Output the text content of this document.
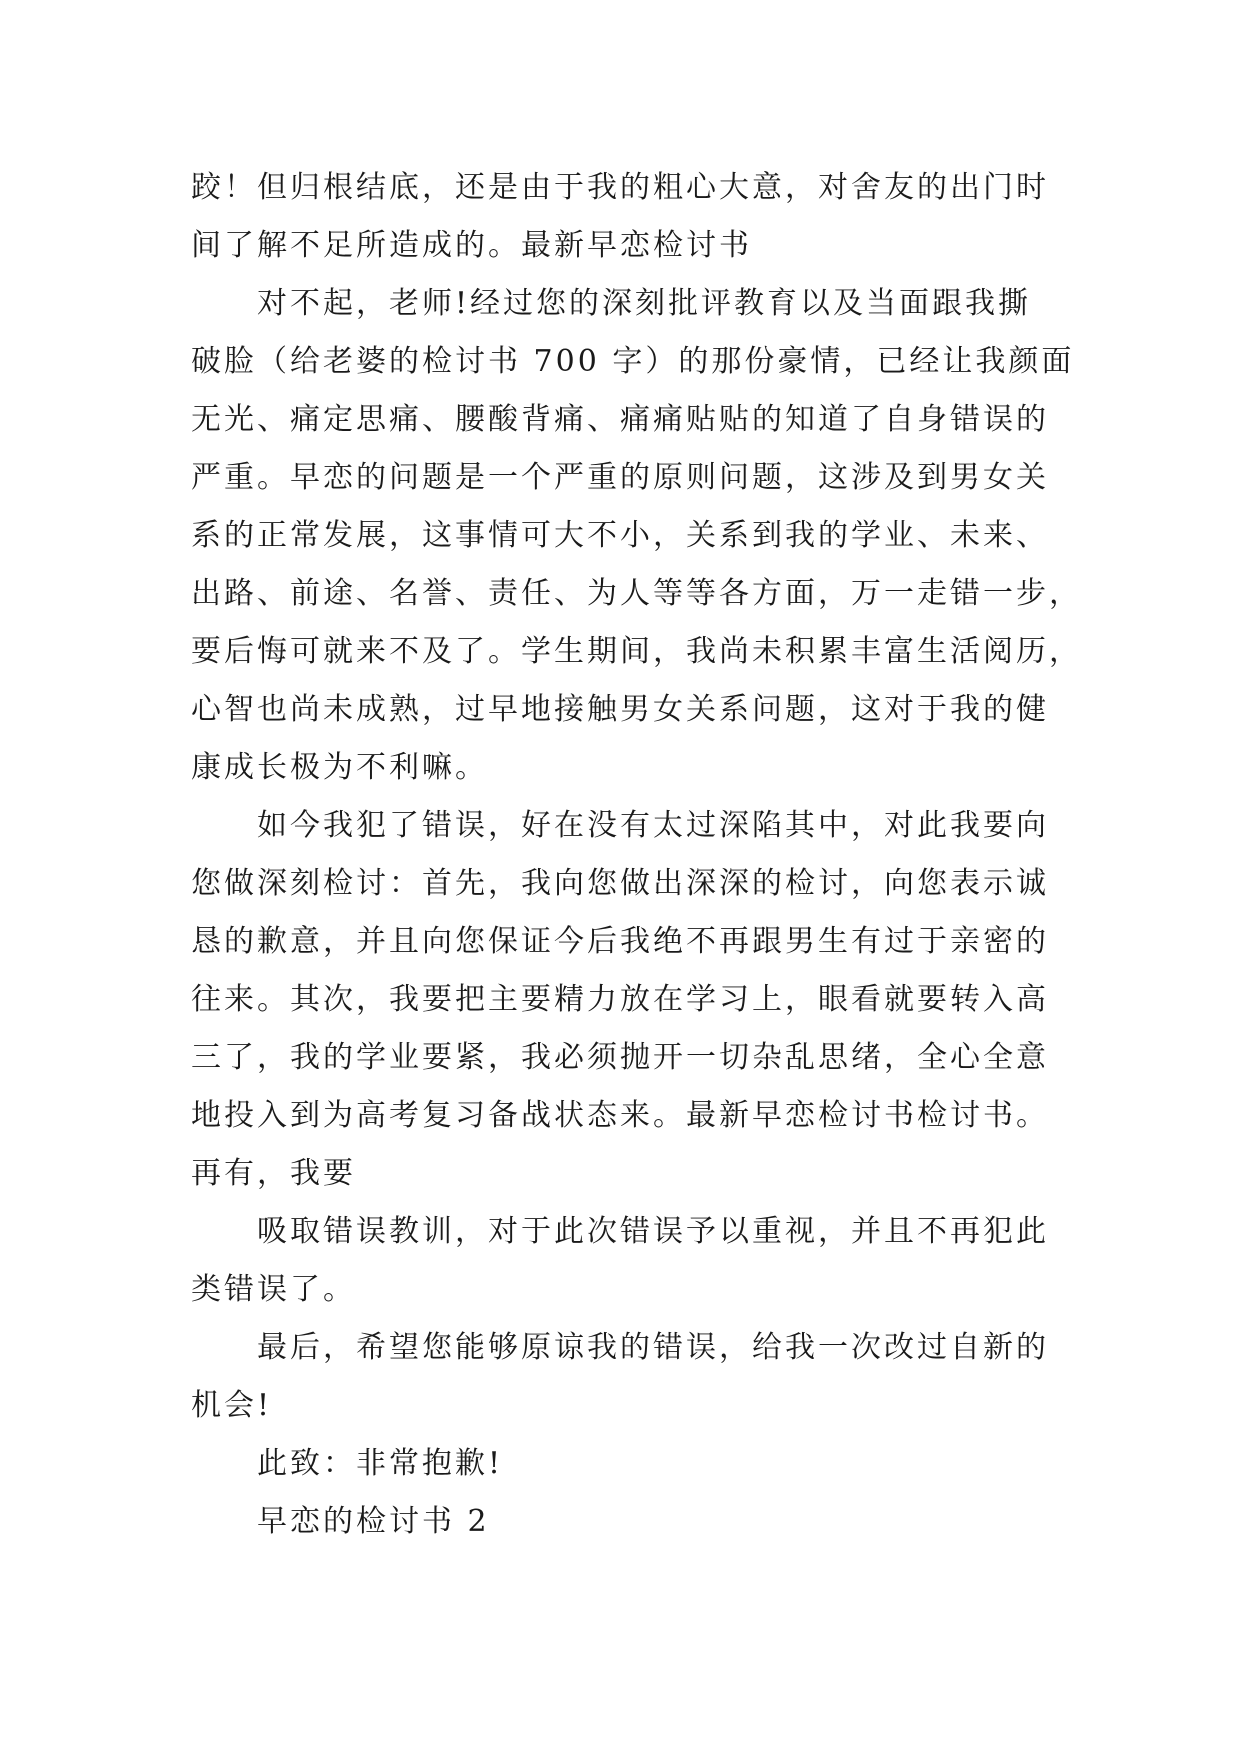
跤！但归根结底，还是由于我的粗心大意，对舍友的出门时
间了解不足所造成的。最新早恋检讨书
对不起，老师!经过您的深刻批评教育以及当面跟我撕
破脸（给老婆的检讨书 700 字）的那份豪情，已经让我颜面
无光、痛定思痛、腰酸背痛、痛痛贴贴的知道了自身错误的
严重。早恋的问题是一个严重的原则问题，这涉及到男女关
系的正常发展，这事情可大不小，关系到我的学业、未来、
出路、前途、名誉、责任、为人等等各方面，万一走错一步，
要后悔可就来不及了。学生期间，我尚未积累丰富生活阅历，
心智也尚未成熟，过早地接触男女关系问题，这对于我的健
康成长极为不利嘛。
如今我犯了错误，好在没有太过深陷其中，对此我要向
您做深刻检讨：首先，我向您做出深深的检讨，向您表示诚
恳的歉意，并且向您保证今后我绝不再跟男生有过于亲密的
往来。其次，我要把主要精力放在学习上，眼看就要转入高
三了，我的学业要紧，我必须抛开一切杂乱思绪，全心全意
地投入到为高考复习备战状态来。最新早恋检讨书检讨书。
再有，我要
吸取错误教训，对于此次错误予以重视，并且不再犯此
类错误了。
最后，希望您能够原谅我的错误，给我一次改过自新的
机会!
此致：非常抱歉!
早恋的检讨书 2
